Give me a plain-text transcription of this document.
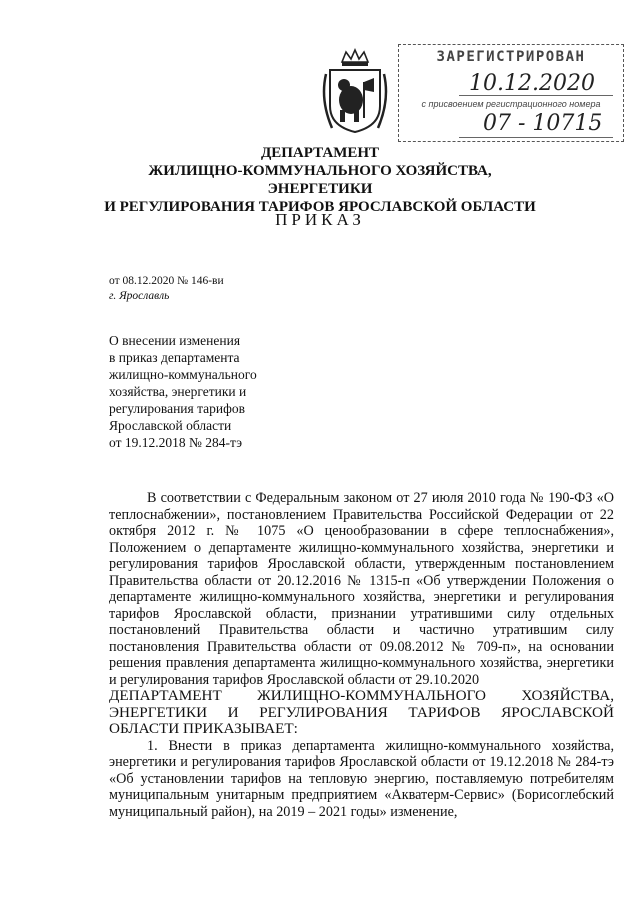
ЗАРЕГИСТРИРОВАН
10.12.2020
с присвоением регистрационного номера
07 - 10715
ДЕПАРТАМЕНТ
ЖИЛИЩНО-КОММУНАЛЬНОГО ХОЗЯЙСТВА, ЭНЕРГЕТИКИ
И РЕГУЛИРОВАНИЯ ТАРИФОВ ЯРОСЛАВСКОЙ ОБЛАСТИ
ПРИКАЗ
от 08.12.2020 № 146-ви
г. Ярославль
О внесении изменения
в приказ департамента
жилищно-коммунального
хозяйства, энергетики и
регулирования тарифов
Ярославской области
от 19.12.2018 № 284-тэ

В соответствии с Федеральным законом от 27 июля 2010 года № 190-ФЗ «О теплоснабжении», постановлением Правительства Российской Федерации от 22 октября 2012 г. № 1075 «О ценообразовании в сфере теплоснабжения», Положением о департаменте жилищно-коммунального хозяйства, энергетики и регулирования тарифов Ярославской области, утвержденным постановлением Правительства области от 20.12.2016 № 1315-п «Об утверждении Положения о департаменте жилищно-коммунального хозяйства, энергетики и регулирования тарифов Ярославской области, признании утратившими силу отдельных постановлений Правительства области и частично утратившим силу постановления Правительства области от 09.08.2012 № 709-п», на основании решения правления департамента жилищно-коммунального хозяйства, энергетики и регулирования тарифов Ярославской области от 29.10.2020

ДЕПАРТАМЕНТ ЖИЛИЩНО-КОММУНАЛЬНОГО ХОЗЯЙСТВА, ЭНЕРГЕТИКИ И РЕГУЛИРОВАНИЯ ТАРИФОВ ЯРОСЛАВСКОЙ ОБЛАСТИ ПРИКАЗЫВАЕТ:

1. Внести в приказ департамента жилищно-коммунального хозяйства, энергетики и регулирования тарифов Ярославской области от 19.12.2018 № 284-тэ «Об установлении тарифов на тепловую энергию, поставляемую потребителям муниципальным унитарным предприятием «Акватерм-Сервис» (Борисоглебский муниципальный район), на 2019 – 2021 годы» изменение,
